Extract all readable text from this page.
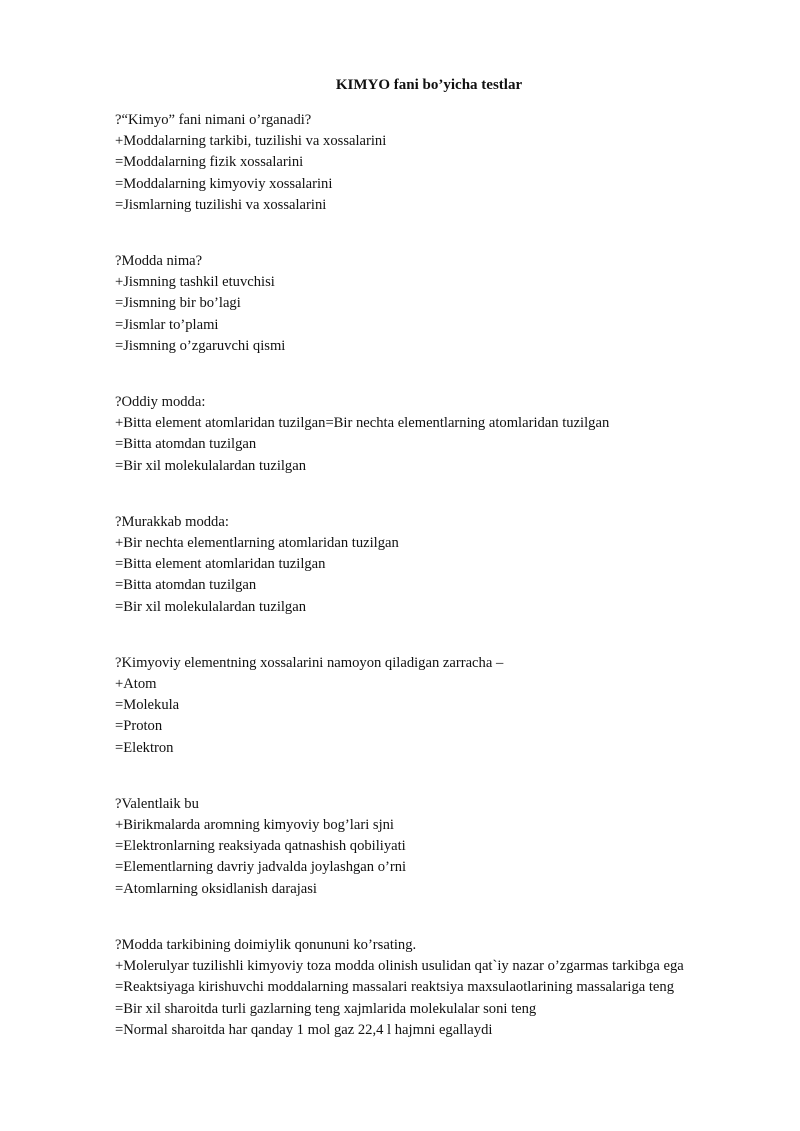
KIMYO fani bo’yicha testlar
?“Kimyo” fani nimani o’rganadi?
+Moddalarning tarkibi, tuzilishi va xossalarini
=Moddalarning fizik xossalarini
=Moddalarning kimyoviy xossalarini
=Jismlarning tuzilishi va xossalarini
?Modda nima?
+Jismning tashkil etuvchisi
=Jismning bir bo’lagi
=Jismlar to’plami
=Jismning o’zgaruvchi qismi
?Oddiy modda:
+Bitta element atomlaridan tuzilgan=Bir nechta elementlarning atomlaridan tuzilgan
=Bitta atomdan tuzilgan
=Bir xil molekulalardan tuzilgan
?Murakkab modda:
+Bir nechta elementlarning atomlaridan tuzilgan
=Bitta element atomlaridan tuzilgan
=Bitta atomdan tuzilgan
=Bir xil molekulalardan tuzilgan
?Kimyoviy elementning xossalarini namoyon qiladigan zarracha –
+Atom
=Molekula
=Proton
=Elektron
?Valentlaik bu
+Birikmalarda aromning kimyoviy bog’lari sjni
=Elektronlarning reaksiyada qatnashish qobiliyati
=Elementlarning davriy jadvalda joylashgan o’rni
=Atomlarning oksidlanish darajasi
?Modda tarkibining doimiylik qonununi ko’rsating.
+Molerulyar tuzilishli kimyoviy toza modda olinish usulidan qat`iy nazar o’zgarmas tarkibga ega
=Reaktsiyaga kirishuvchi moddalarning massalari reaktsiya maxsulaotlarining massalariga teng
=Bir xil sharoitda turli gazlarning teng xajmlarida molekulalar soni teng
=Normal sharoitda har qanday 1 mol gaz 22,4 l hajmni egallaydi
